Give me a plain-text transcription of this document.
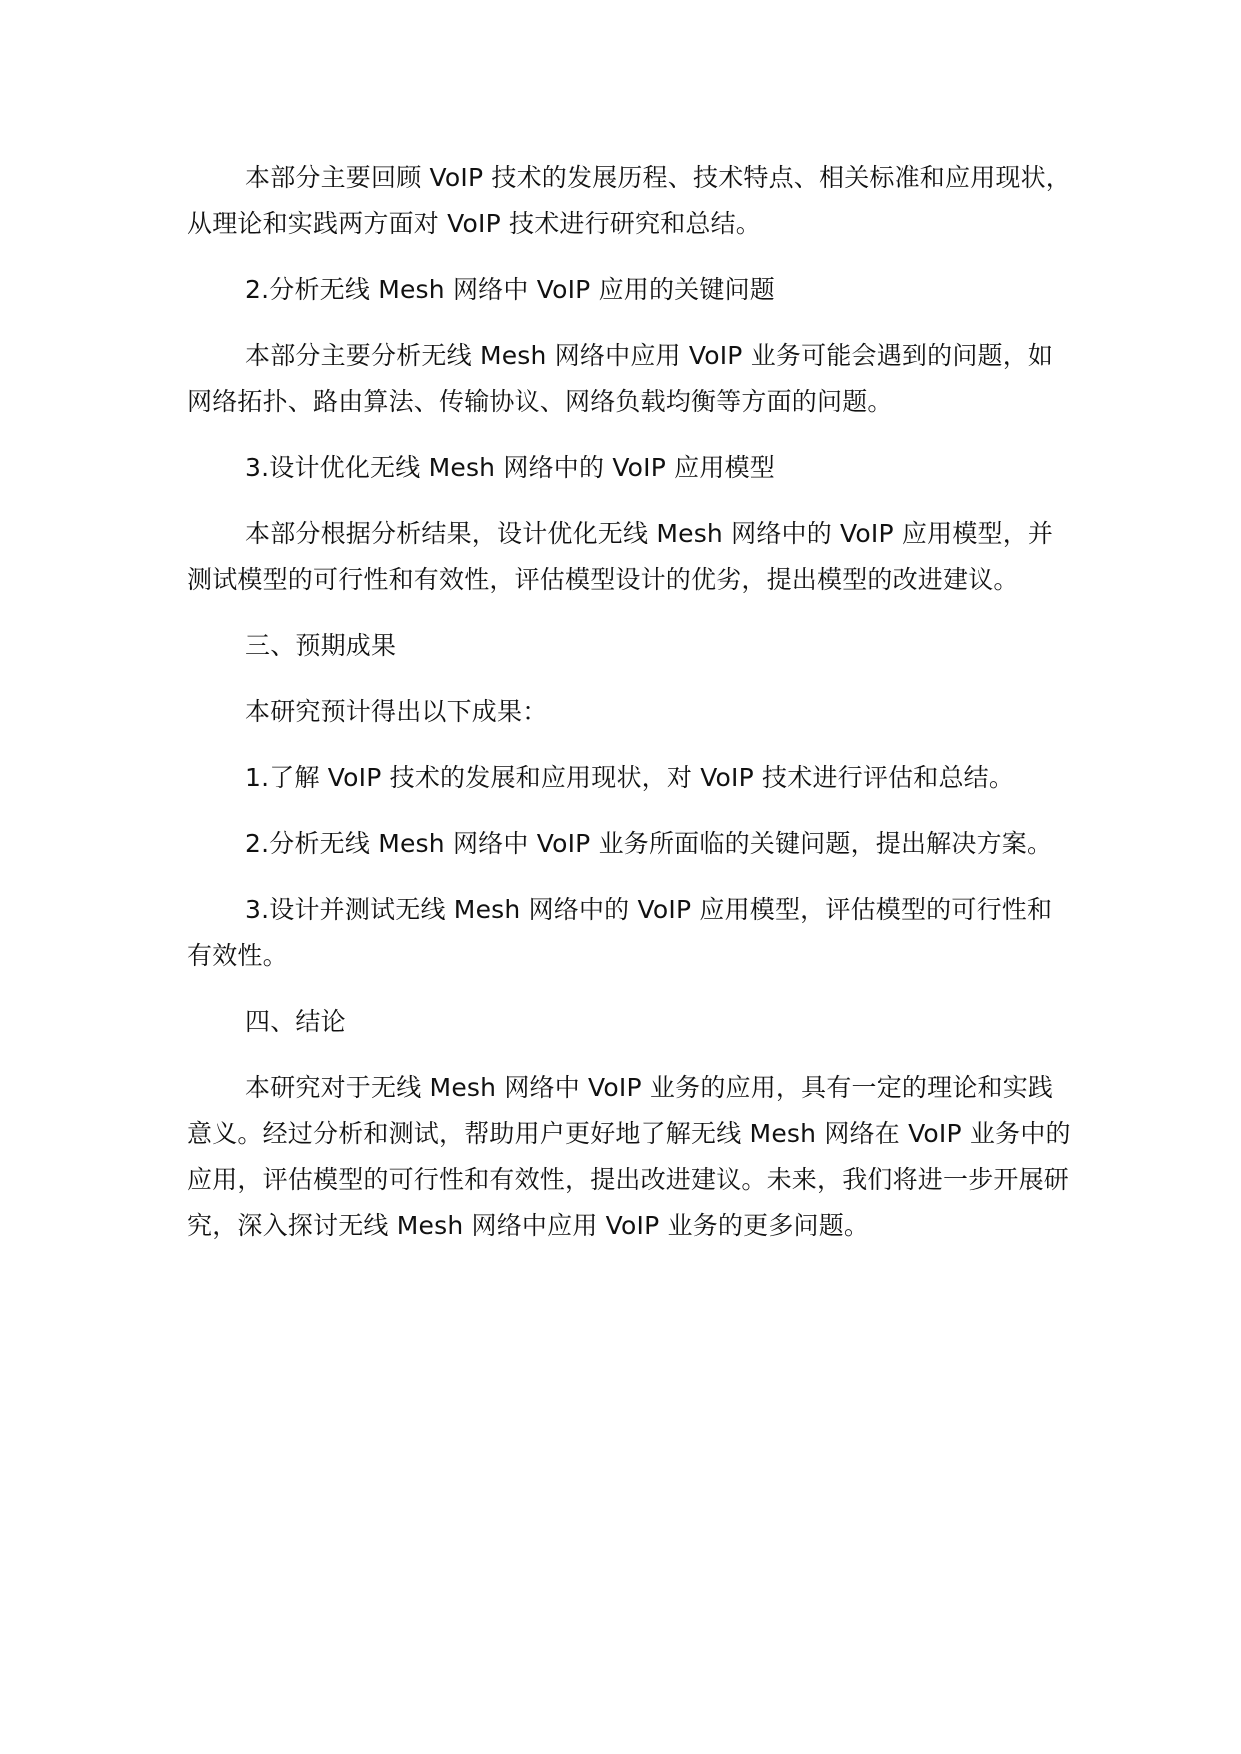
本部分主要回顾 VoIP 技术的发展历程、技术特点、相关标准和应用现状，从理论和实践两方面对 VoIP 技术进行研究和总结。

2.分析无线 Mesh 网络中 VoIP 应用的关键问题

本部分主要分析无线 Mesh 网络中应用 VoIP 业务可能会遇到的问题，如网络拓扑、路由算法、传输协议、网络负载均衡等方面的问题。

3.设计优化无线 Mesh 网络中的 VoIP 应用模型

本部分根据分析结果，设计优化无线 Mesh 网络中的 VoIP 应用模型，并测试模型的可行性和有效性，评估模型设计的优劣，提出模型的改进建议。

三、预期成果

本研究预计得出以下成果：

1.了解 VoIP 技术的发展和应用现状，对 VoIP 技术进行评估和总结。

2.分析无线 Mesh 网络中 VoIP 业务所面临的关键问题，提出解决方案。

3.设计并测试无线 Mesh 网络中的 VoIP 应用模型，评估模型的可行性和有效性。

四、结论

本研究对于无线 Mesh 网络中 VoIP 业务的应用，具有一定的理论和实践意义。经过分析和测试，帮助用户更好地了解无线 Mesh 网络在 VoIP 业务中的应用，评估模型的可行性和有效性，提出改进建议。未来，我们将进一步开展研究，深入探讨无线 Mesh 网络中应用 VoIP 业务的更多问题。
